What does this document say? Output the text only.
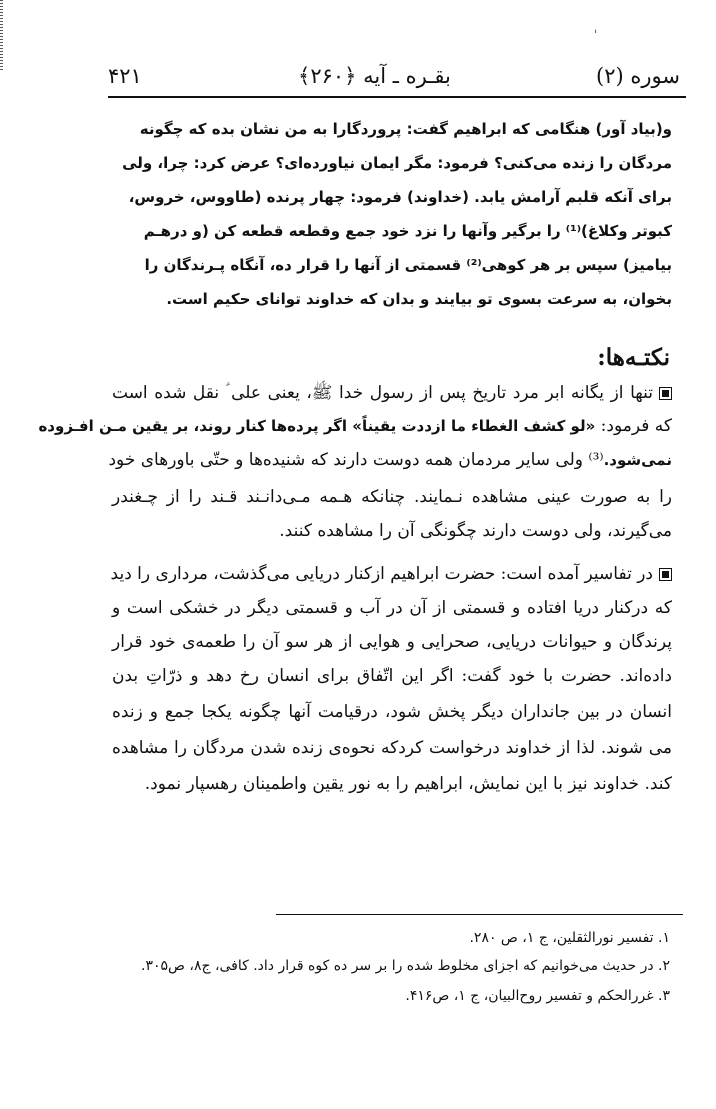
ˌ
سوره (۲)
بقـره ـ آیه ﴿۲۶۰﴾
۴۲۱
و(بیاد آور) هنگامی که ابراهیم گفت: پروردگارا به من نشان بده که چگونه
مردگان را زنده می‌کنی؟ فرمود: مگر ایمان نیاورده‌ای؟ عرض کرد: چرا، ولی
برای آنکه قلبم آرامش یابد. (خداوند) فرمود: چهار پرنده (طاووس، خروس،
کبوتر وکلاغ)⁽¹⁾ را برگیر وآنها را نزد خود جمع وقطعه قطعه کن (و درهـم
بیامیز) سپس بر هر کوهی⁽²⁾ قسمتی از آنها را قرار ده، آنگاه پـرندگان را
بخوان، به سرعت بسوی تو بیایند و بدان که خداوند توانای حکیم است.
نکتـه‌ها:
تنها از یگانه ابر مرد تاریخ پس از رسول خدا ﷺ، یعنی علی ؑ نقل شده است
که فرمود: «لو کشف الغطاء ما ازددت یقیناً» اگر پرده‌ها کنار روند، بر یقین مـن افـزوده
نمی‌شود.⁽³⁾ ولی سایر مردمان همه دوست دارند که شنیده‌ها و حتّی باورهای خود
را به صورت عینی مشاهده نـمایند. چنانکه هـمه مـی‌دانـند قـند را از چـغندر
می‌گیرند، ولی دوست دارند چگونگی آن را مشاهده کنند.
در تفاسیر آمده است: حضرت ابراهیم ازکنار دریایی می‌گذشت، مرداری را دید
که درکنار دریا افتاده و قسمتی از آن در آب و قسمتی دیگر در خشکی است و
پرندگان و حیوانات دریایی، صحرایی و هوایی از هر سو آن را طعمه‌ی خود قرار
داده‌اند. حضرت با خود گفت: اگر این اتّفاق برای انسان رخ دهد و ذرّاتِ بدن
انسان در بین جانداران دیگر پخش شود، درقیامت آنها چگونه یکجا جمع و زنده
می شوند. لذا از خداوند درخواست کردکه نحوه‌ی زنده شدن مردگان را مشاهده
کند. خداوند نیز با این نمایش، ابراهیم را به نور یقین واطمینان رهسپار نمود.
۱. تفسیر نورالثقلین، ج ۱، ص ۲۸۰.
۲. در حدیث می‌خوانیم که اجزای مخلوط شده را بر سر ده کوه قرار داد. کافی، ج۸، ص۳۰۵.
۳. غررالحکم و تفسیر روح‌البیان، ج ۱، ص۴۱۶.
